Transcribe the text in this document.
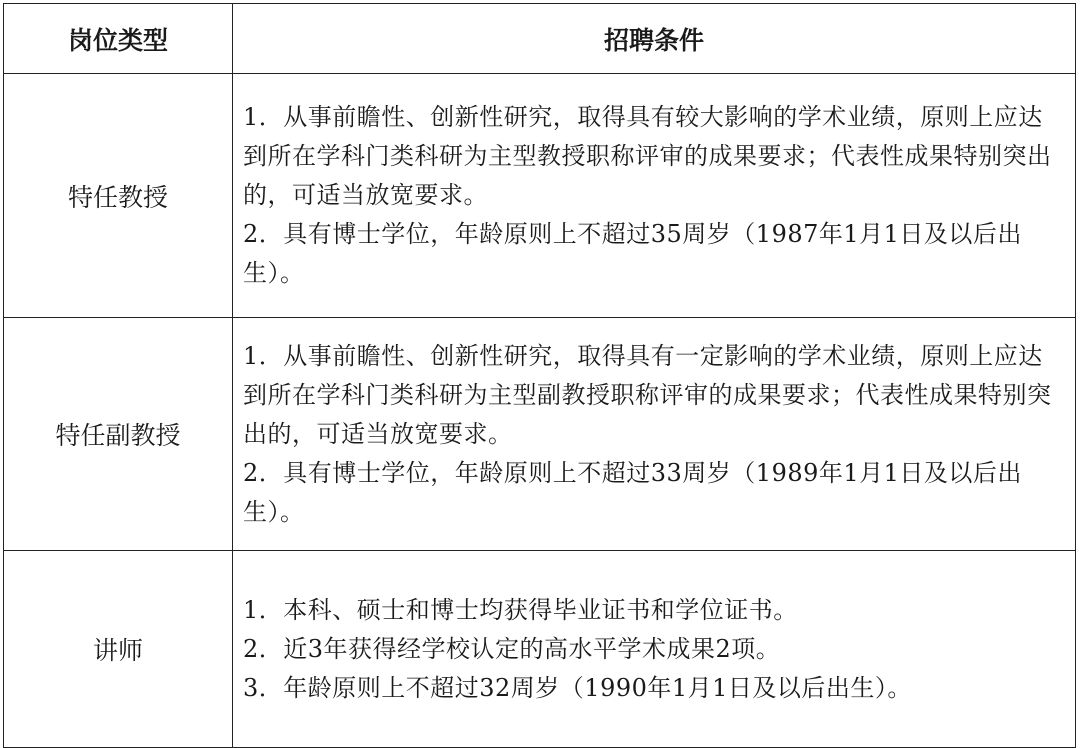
岗位类型	招聘条件
特任教授	1．从事前瞻性、创新性研究，取得具有较大影响的学术业绩，原则上应达到所在学科门类科研为主型教授职称评审的成果要求；代表性成果特别突出的，可适当放宽要求。

2．具有博士学位，年龄原则上不超过35周岁（1987年1月1日及以后出生）。

特任副教授	1．从事前瞻性、创新性研究，取得具有一定影响的学术业绩，原则上应达到所在学科门类科研为主型副教授职称评审的成果要求；代表性成果特别突出的，可适当放宽要求。

2．具有博士学位，年龄原则上不超过33周岁（1989年1月1日及以后出生）。

讲师	1．本科、硕士和博士均获得毕业证书和学位证书。

2．近3年获得经学校认定的高水平学术成果2项。

3．年龄原则上不超过32周岁（1990年1月1日及以后出生）。
